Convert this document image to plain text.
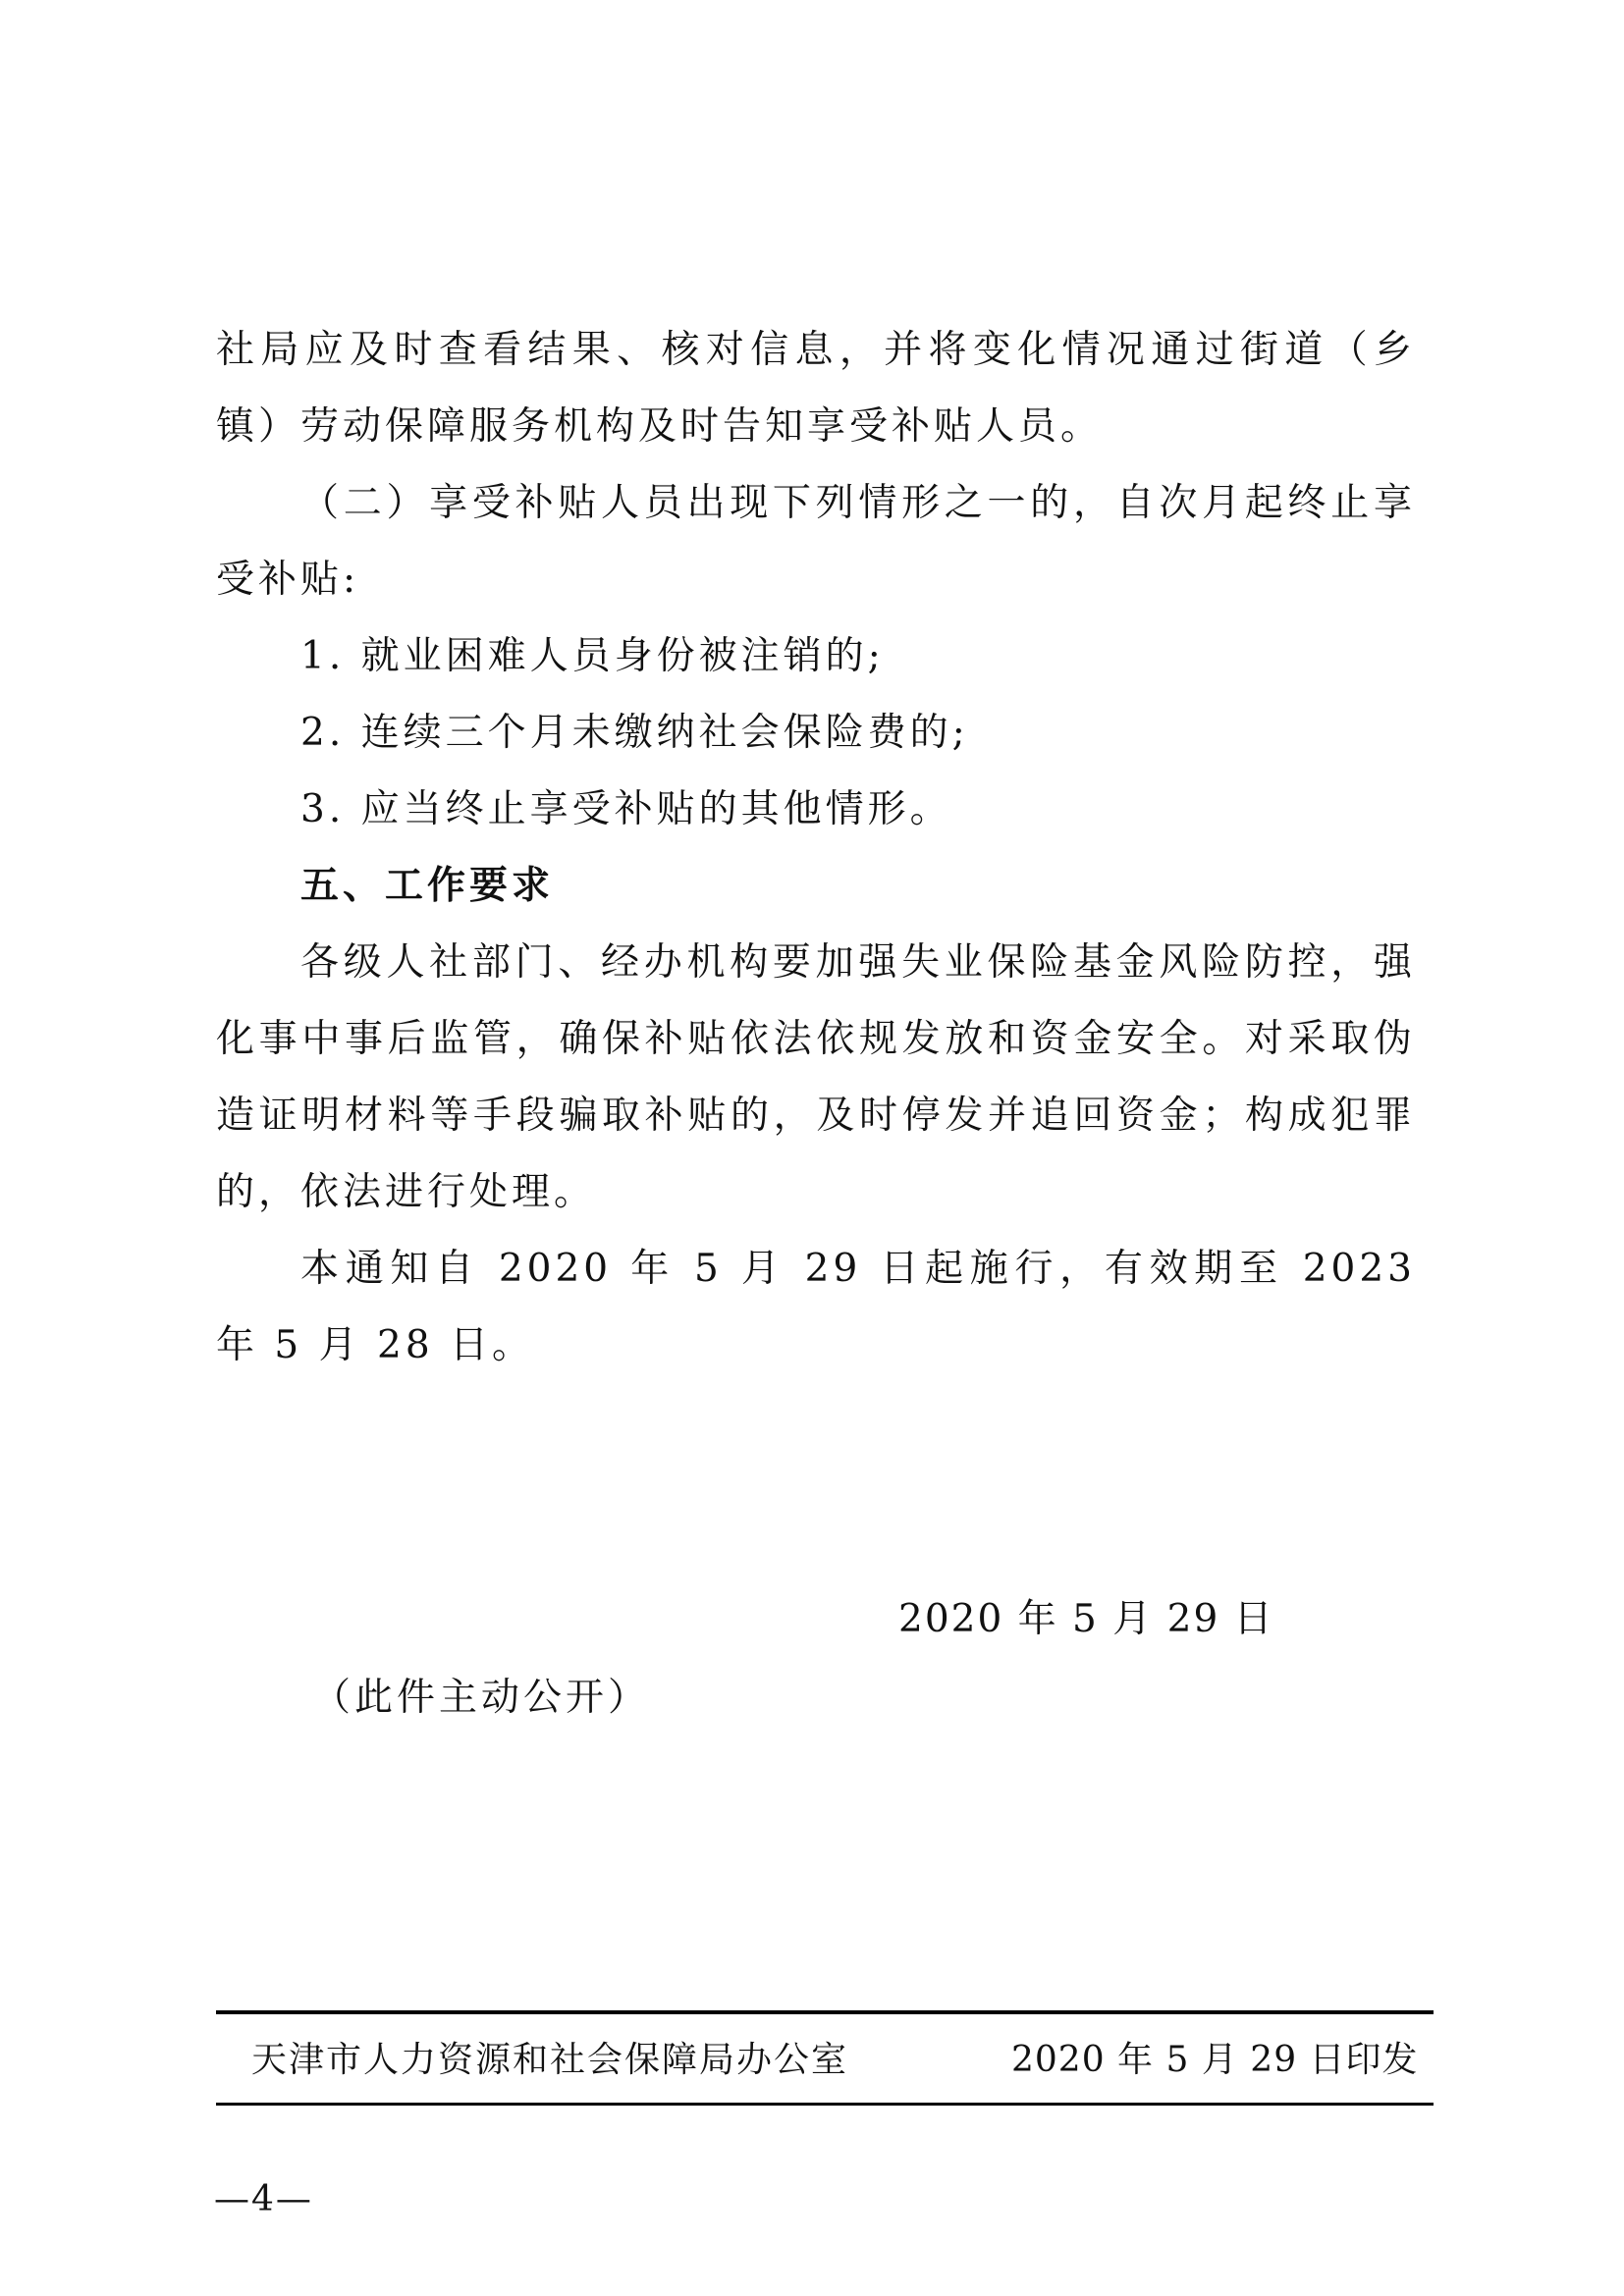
社局应及时查看结果、核对信息，并将变化情况通过街道（乡镇）劳动保障服务机构及时告知享受补贴人员。

（二）享受补贴人员出现下列情形之一的，自次月起终止享受补贴:

1. 就业困难人员身份被注销的;

2. 连续三个月未缴纳社会保险费的;

3. 应当终止享受补贴的其他情形。

五、工作要求

各级人社部门、经办机构要加强失业保险基金风险防控，强化事中事后监管，确保补贴依法依规发放和资金安全。对采取伪造证明材料等手段骗取补贴的，及时停发并追回资金；构成犯罪的，依法进行处理。

本通知自 2020 年 5 月 29 日起施行，有效期至 2023 年 5 月 28 日。

2020 年 5 月 29 日
（此件主动公开）
天津市人力资源和社会保障局办公室	2020 年 5 月 29 日印发
—4—
